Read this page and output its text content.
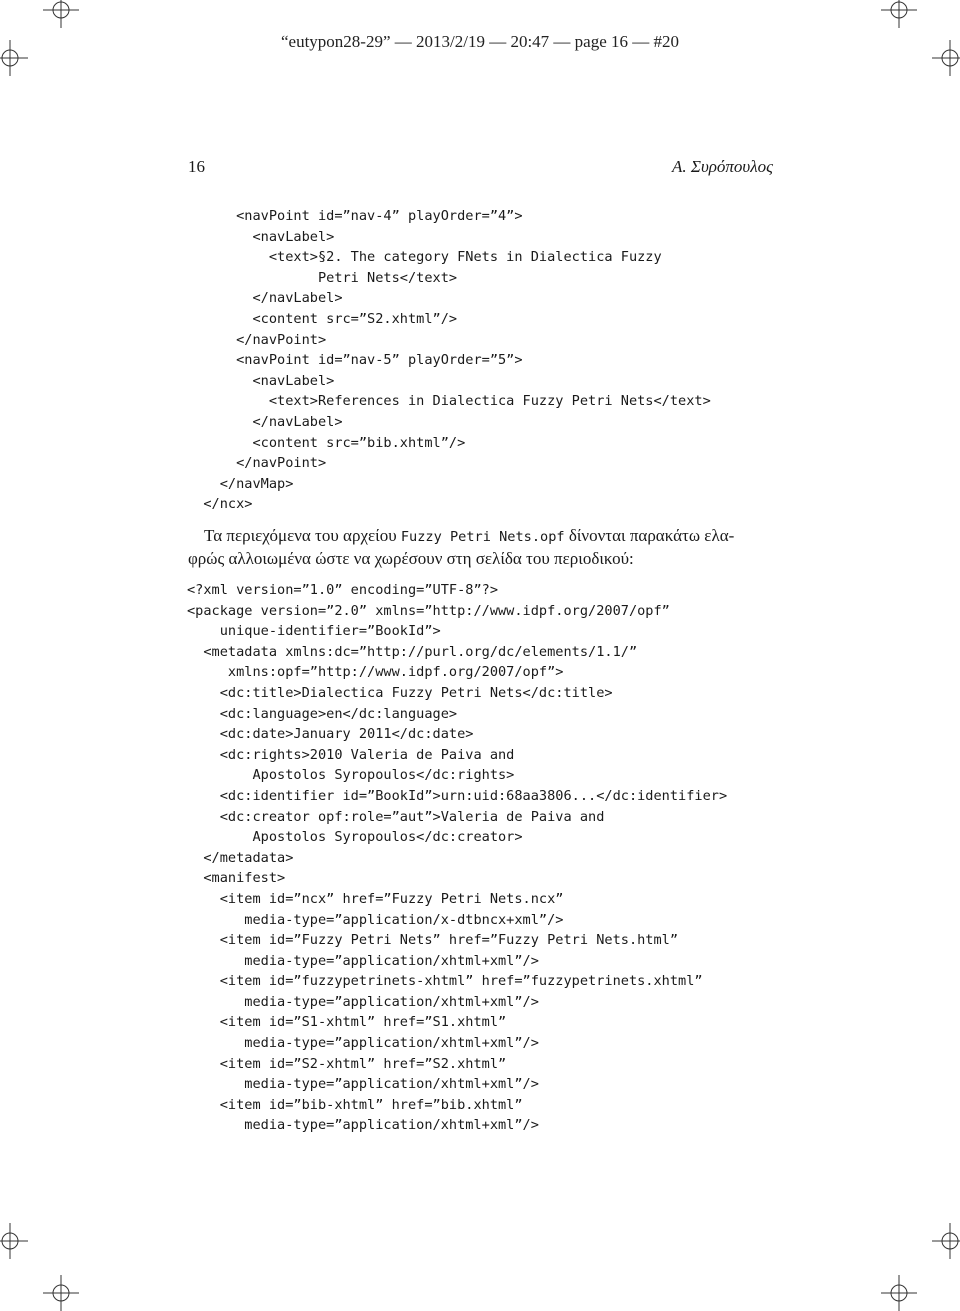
“eutypon28-29” — 2013/2/19 — 20:47 — page 16 — #20
16	Α. Συρόπουλος
<navPoint id=”nav-4” playOrder=”4”>
<navLabel>
<text>§2. The category FNets in Dialectica Fuzzy
Petri Nets</text>
</navLabel>
<content src=”S2.xhtml”/>
</navPoint>
<navPoint id=”nav-5” playOrder=”5”>
<navLabel>
<text>References in Dialectica Fuzzy Petri Nets</text>
</navLabel>
<content src=”bib.xhtml”/>
</navPoint>
</navMap>
</ncx>
Τα περιεχόμενα του αρχείου Fuzzy Petri Nets.opf δίνονται παρακάτω ελα-
φρώς αλλοιωμένα ώστε να χωρέσουν στη σελίδα του περιοδικού:
<?xml version=”1.0” encoding=”UTF-8”?>
<package version=”2.0” xmlns=”http://www.idpf.org/2007/opf”
unique-identifier=”BookId”>
<metadata xmlns:dc=”http://purl.org/dc/elements/1.1/”
xmlns:opf=”http://www.idpf.org/2007/opf”>
<dc:title>Dialectica Fuzzy Petri Nets</dc:title>
<dc:language>en</dc:language>
<dc:date>January 2011</dc:date>
<dc:rights>2010 Valeria de Paiva and
Apostolos Syropoulos</dc:rights>
<dc:identifier id=”BookId”>urn:uid:68aa3806...</dc:identifier>
<dc:creator opf:role=”aut”>Valeria de Paiva and
Apostolos Syropoulos</dc:creator>
</metadata>
<manifest>
<item id=”ncx” href=”Fuzzy Petri Nets.ncx”
media-type=”application/x-dtbncx+xml”/>
<item id=”Fuzzy Petri Nets” href=”Fuzzy Petri Nets.html”
media-type=”application/xhtml+xml”/>
<item id=”fuzzypetrinets-xhtml” href=”fuzzypetrinets.xhtml”
media-type=”application/xhtml+xml”/>
<item id=”S1-xhtml” href=”S1.xhtml”
media-type=”application/xhtml+xml”/>
<item id=”S2-xhtml” href=”S2.xhtml”
media-type=”application/xhtml+xml”/>
<item id=”bib-xhtml” href=”bib.xhtml”
media-type=”application/xhtml+xml”/>
